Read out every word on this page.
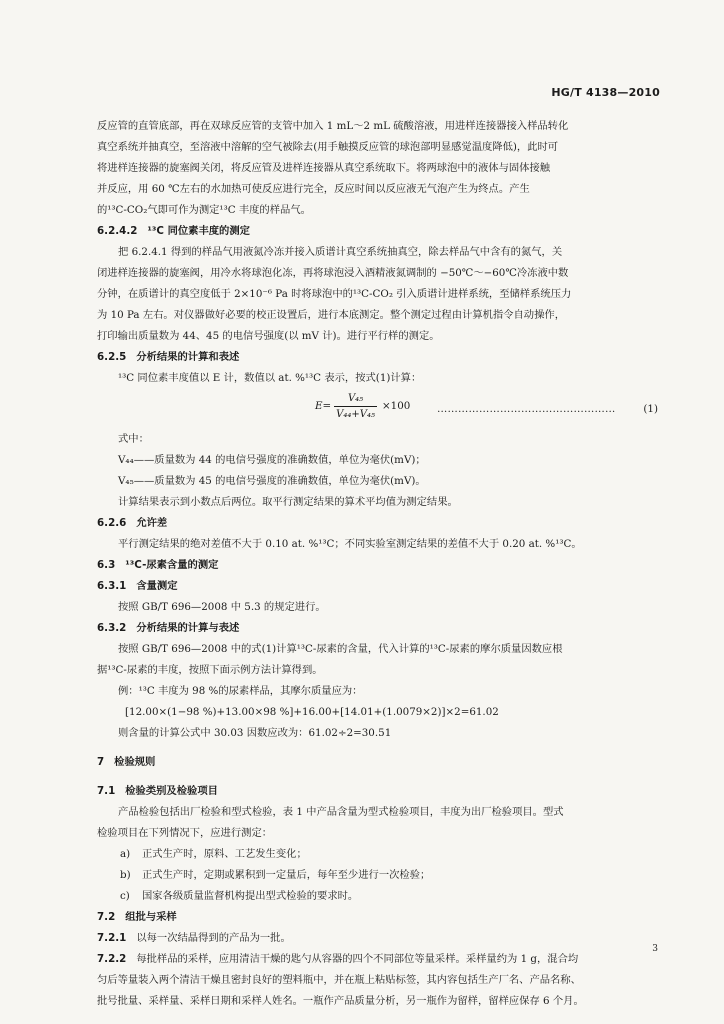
HG/T 4138—2010

反应管的直管底部，再在双球反应管的支管中加入 1 mL～2 mL 硫酸溶液，用进样连接器接入样品转化

真空系统并抽真空，至溶液中溶解的空气被除去(用手触摸反应管的球泡部明显感觉温度降低)，此时可

将进样连接器的旋塞阀关闭，将反应管及进样连接器从真空系统取下。将两球泡中的液体与固体接触

并反应，用 60 ℃左右的水加热可使反应进行完全，反应时间以反应液无气泡产生为终点。产生

的¹³C-CO₂气即可作为测定¹³C 丰度的样品气。

6.2.4.2 ¹³C 同位素丰度的测定

把 6.2.4.1 得到的样品气用液氮冷冻并接入质谱计真空系统抽真空，除去样品气中含有的氮气，关

闭进样连接器的旋塞阀，用冷水将球泡化冻，再将球泡浸入酒精液氮调制的 −50℃～−60℃冷冻液中数

分钟，在质谱计的真空度低于 2×10⁻⁶ Pa 时将球泡中的¹³C-CO₂ 引入质谱计进样系统，至储样系统压力

为 10 Pa 左右。对仪器做好必要的校正设置后，进行本底测定。整个测定过程由计算机指令自动操作，

打印输出质量数为 44、45 的电信号强度(以 mV 计)。进行平行样的测定。

6.2.5 分析结果的计算和表述

¹³C 同位素丰度值以 E 计，数值以 at. %¹³C 表示，按式(1)计算：

$E= \frac{\text{V₄₅}}{\text{V₄₄+V₄₅}} \times 100$	……………………………………………	(1)

式中：

V₄₄——质量数为 44 的电信号强度的准确数值，单位为毫伏(mV)；

V₄₅——质量数为 45 的电信号强度的准确数值，单位为毫伏(mV)。

计算结果表示到小数点后两位。取平行测定结果的算术平均值为测定结果。

6.2.6 允许差

平行测定结果的绝对差值不大于 0.10 at. %¹³C；不同实验室测定结果的差值不大于 0.20 at. %¹³C。

6.3 ¹³C-尿素含量的测定
6.3.1 含量测定

按照 GB/T 696—2008 中 5.3 的规定进行。

6.3.2 分析结果的计算与表述

按照 GB/T 696—2008 中的式(1)计算¹³C-尿素的含量，代入计算的¹³C-尿素的摩尔质量因数应根

据¹³C-尿素的丰度，按照下面示例方法计算得到。

例：¹³C 丰度为 98 %的尿素样品，其摩尔质量应为：

[12.00×(1−98 %)+13.00×98 %]+16.00+[14.01+(1.0079×2)]×2=61.02

则含量的计算公式中 30.03 因数应改为：61.02÷2=30.51

7 检验规则
7.1 检验类别及检验项目

产品检验包括出厂检验和型式检验，表 1 中产品含量为型式检验项目，丰度为出厂检验项目。型式

检验项目在下列情况下，应进行测定：

a) 正式生产时，原料、工艺发生变化；
b) 正式生产时，定期或累积到一定量后，每年至少进行一次检验；
c) 国家各级质量监督机构提出型式检验的要求时。
7.2 组批与采样

7.2.1 以每一次结晶得到的产品为一批。

7.2.2 每批样品的采样，应用清洁干燥的匙勺从容器的四个不同部位等量采样。采样量约为 1 g，混合均

匀后等量装入两个清洁干燥且密封良好的塑料瓶中，并在瓶上粘贴标签，其内容包括生产厂名、产品名称、

批号批量、采样量、采样日期和采样人姓名。一瓶作产品质量分析，另一瓶作为留样，留样应保存 6 个月。

3
